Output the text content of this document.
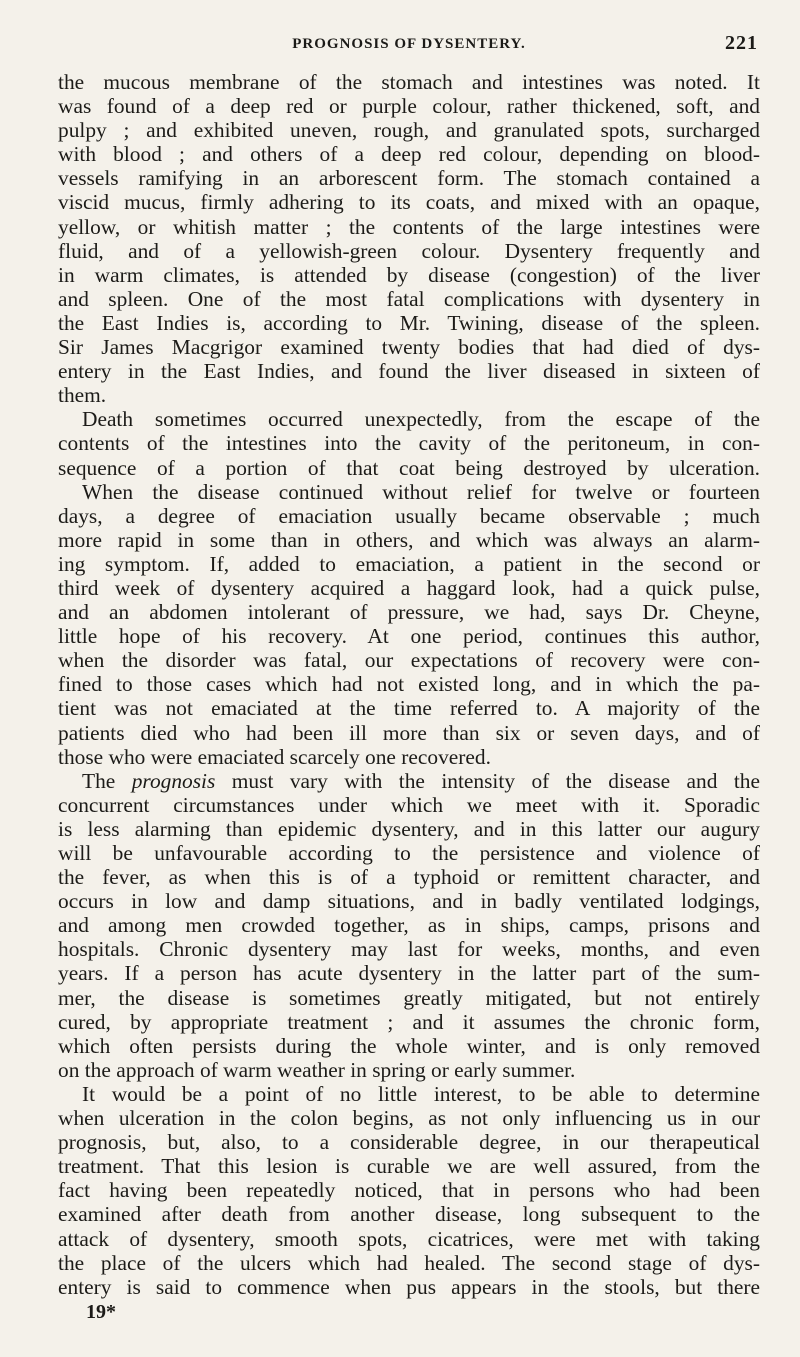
PROGNOSIS OF DYSENTERY.	221
the mucous membrane of the stomach and intestines was noted. It
was found of a deep red or purple colour, rather thickened, soft, and
pulpy ; and exhibited uneven, rough, and granulated spots, surcharged
with blood ; and others of a deep red colour, depending on blood-
vessels ramifying in an arborescent form. The stomach contained a
viscid mucus, firmly adhering to its coats, and mixed with an opaque,
yellow, or whitish matter ; the contents of the large intestines were
fluid, and of a yellowish-green colour. Dysentery frequently and
in warm climates, is attended by disease (congestion) of the liver
and spleen. One of the most fatal complications with dysentery in
the East Indies is, according to Mr. Twining, disease of the spleen.
Sir James Macgrigor examined twenty bodies that had died of dys-
entery in the East Indies, and found the liver diseased in sixteen of
them.
Death sometimes occurred unexpectedly, from the escape of the
contents of the intestines into the cavity of the peritoneum, in con-
sequence of a portion of that coat being destroyed by ulceration.
When the disease continued without relief for twelve or fourteen
days, a degree of emaciation usually became observable ; much
more rapid in some than in others, and which was always an alarm-
ing symptom. If, added to emaciation, a patient in the second or
third week of dysentery acquired a haggard look, had a quick pulse,
and an abdomen intolerant of pressure, we had, says Dr. Cheyne,
little hope of his recovery. At one period, continues this author,
when the disorder was fatal, our expectations of recovery were con-
fined to those cases which had not existed long, and in which the pa-
tient was not emaciated at the time referred to. A majority of the
patients died who had been ill more than six or seven days, and of
those who were emaciated scarcely one recovered.
The prognosis must vary with the intensity of the disease and the
concurrent circumstances under which we meet with it. Sporadic
is less alarming than epidemic dysentery, and in this latter our augury
will be unfavourable according to the persistence and violence of
the fever, as when this is of a typhoid or remittent character, and
occurs in low and damp situations, and in badly ventilated lodgings,
and among men crowded together, as in ships, camps, prisons and
hospitals. Chronic dysentery may last for weeks, months, and even
years. If a person has acute dysentery in the latter part of the sum-
mer, the disease is sometimes greatly mitigated, but not entirely
cured, by appropriate treatment ; and it assumes the chronic form,
which often persists during the whole winter, and is only removed
on the approach of warm weather in spring or early summer.
It would be a point of no little interest, to be able to determine
when ulceration in the colon begins, as not only influencing us in our
prognosis, but, also, to a considerable degree, in our therapeutical
treatment. That this lesion is curable we are well assured, from the
fact having been repeatedly noticed, that in persons who had been
examined after death from another disease, long subsequent to the
attack of dysentery, smooth spots, cicatrices, were met with taking
the place of the ulcers which had healed. The second stage of dys-
entery is said to commence when pus appears in the stools, but there
19*
